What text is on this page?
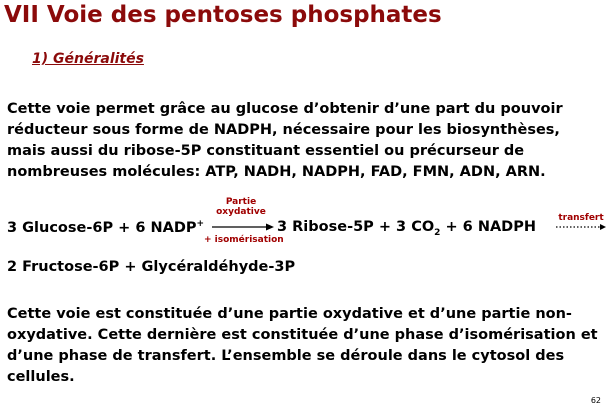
VII Voie des pentoses phosphates
1) Généralités

Cette voie permet grâce au glucose d’obtenir d’une part du pouvoir réducteur sous forme de NADPH, nécessaire pour les biosynthèses, mais aussi du ribose-5P constituant essentiel ou précurseur de nombreuses molécules: ATP, NADH, NADPH, FAD, FMN, ADN, ARN.

3 Glucose-6P + 6 NADP+
Partie
oxydative
+ isomérisation
3 Ribose-5P + 3 $CO_2 + 6$ NADPH
transfert
2 Fructose-6P + Glycéraldéhyde-3P

Cette voie est constituée d’une partie oxydative et d’une partie non-oxydative. Cette dernière est constituée d’une phase d’isomérisation et d’une phase de transfert. L’ensemble se déroule dans le cytosol des cellules.

62
